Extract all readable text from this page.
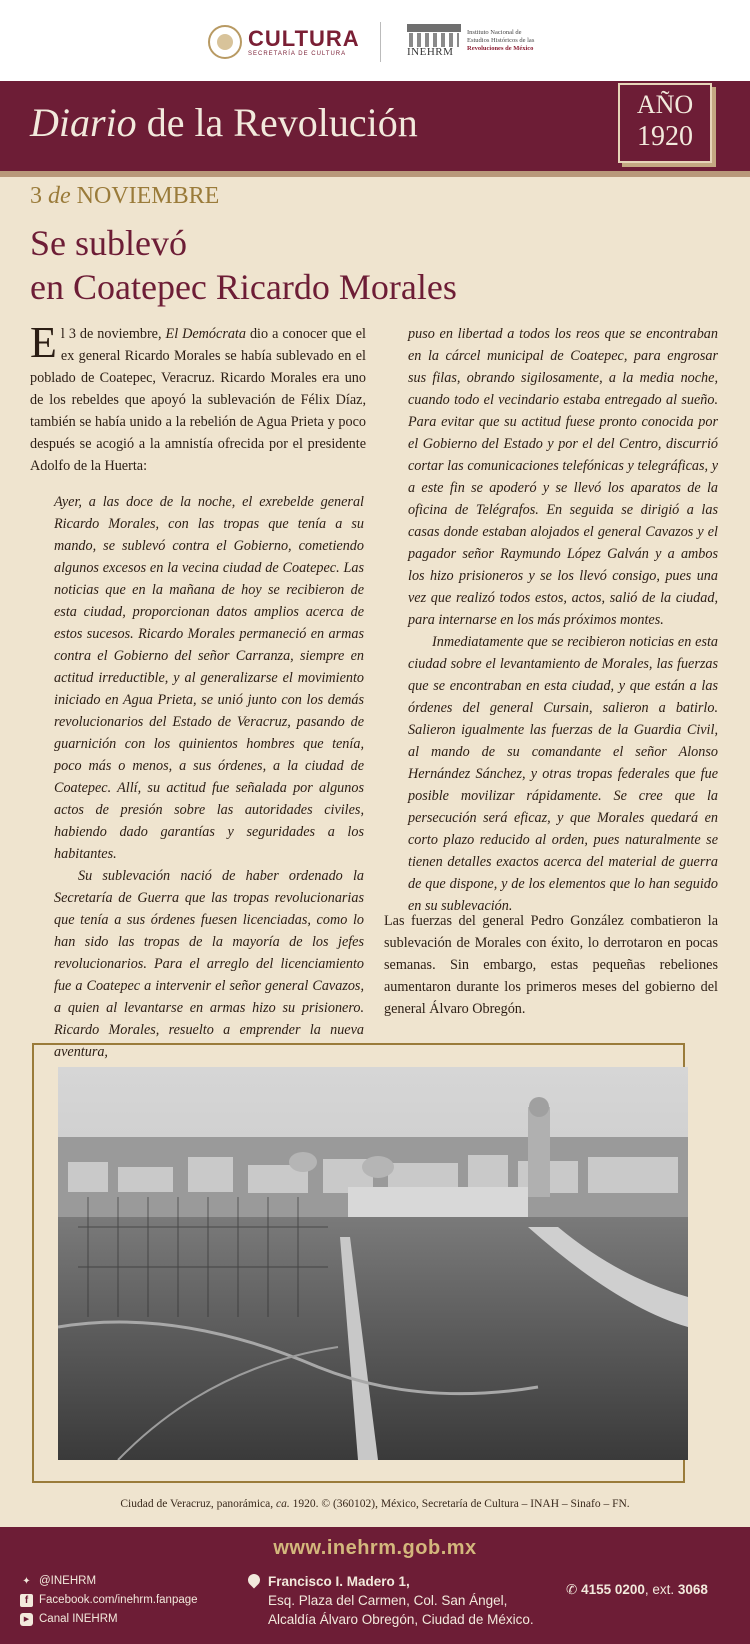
CULTURA
SECRETARÍA DE CULTURA	INEHRM
Instituto Nacional de
Estudios Históricos de las
Revoluciones de México
Diario de la Revolución	AÑO
1920
3 de NOVIEMBRE
Se sublevó
en Coatepec Ricardo Morales

El 3 de noviembre, El Demócrata dio a conocer que el ex general Ricardo Morales se había sublevado en el poblado de Coatepec, Veracruz. Ricardo Morales era uno de los rebeldes que apoyó la sublevación de Félix Díaz, también se había unido a la rebelión de Agua Prieta y poco después se acogió a la amnistía ofrecida por el presidente Adolfo de la Huerta:

Ayer, a las doce de la noche, el exrebelde general Ricardo Morales, con las tropas que tenía a su mando, se sublevó contra el Gobierno, cometiendo algunos excesos en la vecina ciudad de Coatepec. Las noticias que en la mañana de hoy se recibieron de esta ciudad, proporcionan datos amplios acerca de estos sucesos. Ricardo Morales permaneció en armas contra el Gobierno del señor Carranza, siempre en actitud irreductible, y al generalizarse el movimiento iniciado en Agua Prieta, se unió junto con los demás revolucionarios del Estado de Veracruz, pasando de guarnición con los quinientos hombres que tenía, poco más o menos, a sus órdenes, a la ciudad de Coatepec. Allí, su actitud fue señalada por algunos actos de presión sobre las autoridades civiles, habiendo dado garantías y seguridades a los habitantes.

Su sublevación nació de haber ordenado la Secretaría de Guerra que las tropas revolucionarias que tenía a sus órdenes fuesen licenciadas, como lo han sido las tropas de la mayoría de los jefes revolucionarios. Para el arreglo del licenciamiento fue a Coatepec a intervenir el señor general Cavazos, a quien al levantarse en armas hizo su prisionero. Ricardo Morales, resuelto a emprender la nueva aventura,

puso en libertad a todos los reos que se encontraban en la cárcel municipal de Coatepec, para engrosar sus filas, obrando sigilosamente, a la media noche, cuando todo el vecindario estaba entregado al sueño. Para evitar que su actitud fuese pronto conocida por el Gobierno del Estado y por el del Centro, discurrió cortar las comunicaciones telefónicas y telegráficas, y a este fin se apoderó y se llevó los aparatos de la oficina de Telégrafos. En seguida se dirigió a las casas donde estaban alojados el general Cavazos y el pagador señor Raymundo López Galván y a ambos los hizo prisioneros y se los llevó consigo, pues una vez que realizó todos estos, actos, salió de la ciudad, para internarse en los más próximos montes.

Inmediatamente que se recibieron noticias en esta ciudad sobre el levantamiento de Morales, las fuerzas que se encontraban en esta ciudad, y que están a las órdenes del general Cursain, salieron a batirlo. Salieron igualmente las fuerzas de la Guardia Civil, al mando de su comandante el señor Alonso Hernández Sánchez, y otras tropas federales que fue posible movilizar rápidamente. Se cree que la persecución será eficaz, y que Morales quedará en corto plazo reducido al orden, pues naturalmente se tienen detalles exactos acerca del material de guerra de que dispone, y de los elementos que lo han seguido en su sublevación.

Las fuerzas del general Pedro González combatieron la sublevación de Morales con éxito, lo derrotaron en pocas semanas. Sin embargo, estas pequeñas rebeliones aumentaron durante los primeros meses del gobierno del general Álvaro Obregón.
Ciudad de Veracruz, panorámica, ca. 1920. © (360102), México, Secretaría de Cultura – INAH – Sinafo – FN.
www.inehrm.gob.mx
✦ @INEHRM
f Facebook.com/inehrm.fanpage
▶ Canal INEHRM
Francisco I. Madero 1,
Esq. Plaza del Carmen, Col. San Ángel,
Alcaldía Álvaro Obregón, Ciudad de México.
✆ 4155 0200, ext. 3068
